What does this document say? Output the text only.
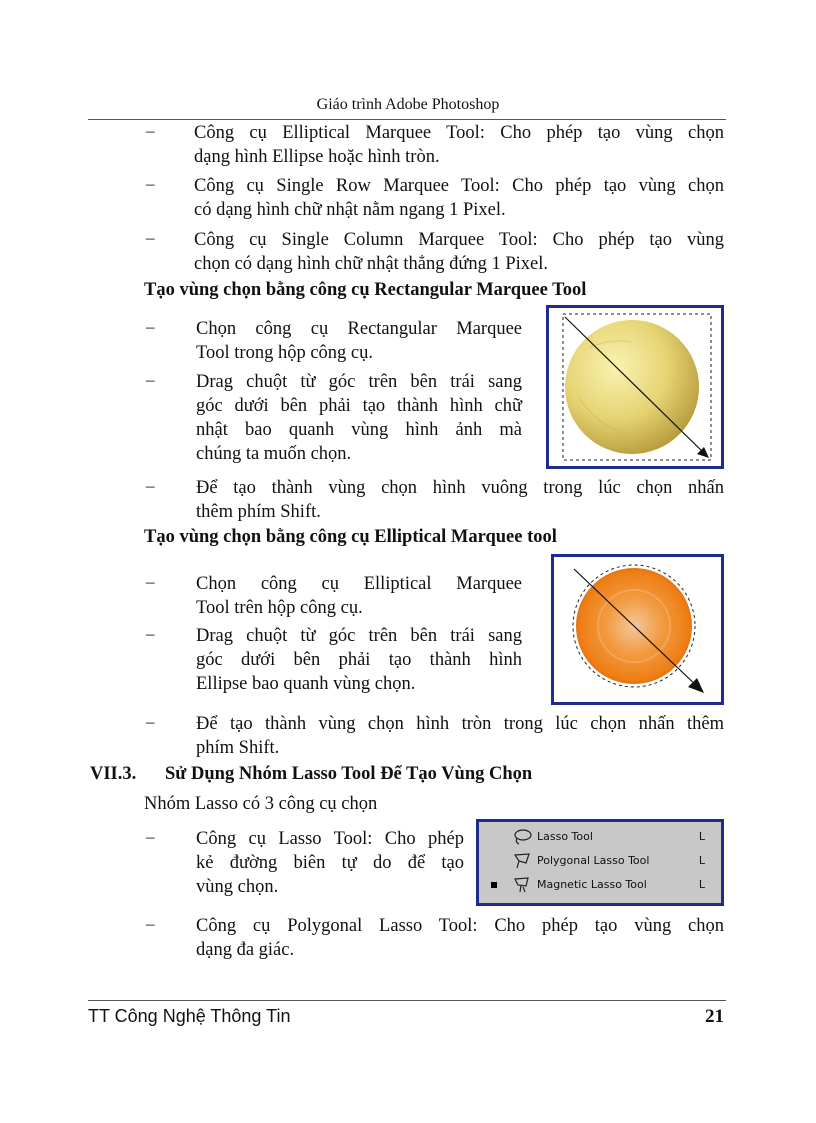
Giáo trình Adobe Photoshop
– Công cụ Elliptical Marquee Tool: Cho phép tạo vùng chọn
dạng hình Ellipse hoặc hình tròn.
– Công cụ Single Row Marquee Tool: Cho phép tạo vùng chọn
có dạng hình chữ nhật nằm ngang 1 Pixel.
– Công cụ Single Column Marquee Tool: Cho phép tạo vùng
chọn có dạng hình chữ nhật thẳng đứng 1 Pixel.
Tạo vùng chọn bằng công cụ Rectangular Marquee Tool
– Chọn công cụ Rectangular Marquee
Tool trong hộp công cụ.
– Drag chuột từ góc trên bên trái sang
góc dưới bên phải tạo thành hình chữ
nhật bao quanh vùng hình ảnh mà
chúng ta muốn chọn.
– Để tạo thành vùng chọn hình vuông trong lúc chọn nhấn
thêm phím Shift.
Tạo vùng chọn bằng công cụ Elliptical Marquee tool
– Chọn công cụ Elliptical Marquee
Tool trên hộp công cụ.
– Drag chuột từ góc trên bên trái sang
góc dưới bên phải tạo thành hình
Ellipse bao quanh vùng chọn.
– Để tạo thành vùng chọn hình tròn trong lúc chọn nhấn thêm
phím Shift.
VII.3. Sử Dụng Nhóm Lasso Tool Để Tạo Vùng Chọn
Nhóm Lasso có 3 công cụ chọn
– Công cụ Lasso Tool: Cho phép
kẻ đường biên tự do để tạo
vùng chọn.
Lasso Tool	L
Polygonal Lasso Tool	L
Magnetic Lasso Tool	L
– Công cụ Polygonal Lasso Tool: Cho phép tạo vùng chọn
dạng đa giác.
TT Công Nghệ Thông Tin	21
